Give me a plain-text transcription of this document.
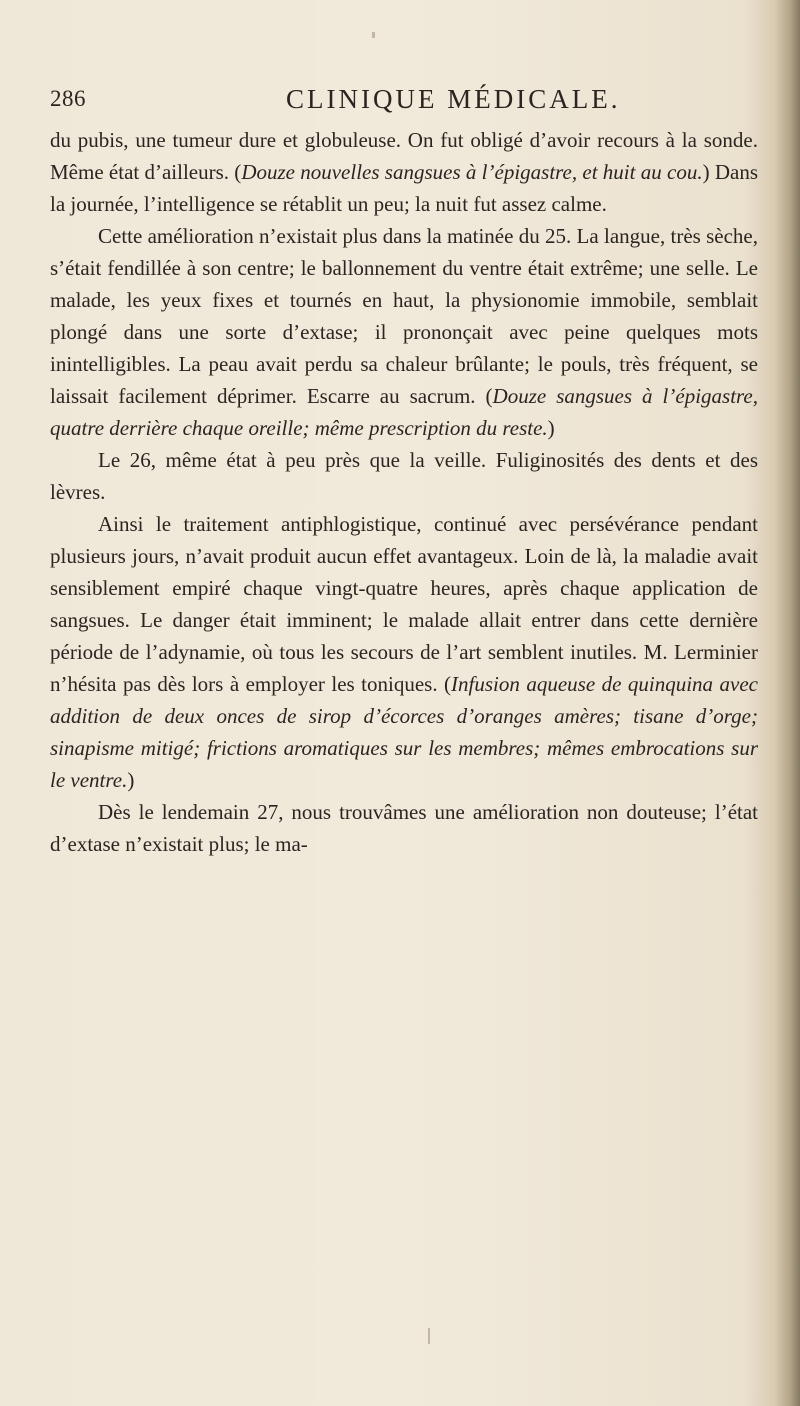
286	CLINIQUE MÉDICALE.

du pubis, une tumeur dure et globuleuse. On fut obligé d’avoir recours à la sonde. Même état d’ailleurs. (Douze nouvelles sangsues à l’épigastre, et huit au cou.) Dans la journée, l’intelligence se rétablit un peu; la nuit fut assez calme.

Cette amélioration n’existait plus dans la matinée du 25. La langue, très sèche, s’était fendillée à son centre; le ballonnement du ventre était extrême; une selle. Le malade, les yeux fixes et tournés en haut, la physionomie immobile, semblait plongé dans une sorte d’extase; il prononçait avec peine quelques mots inintelligibles. La peau avait perdu sa chaleur brûlante; le pouls, très fréquent, se laissait facilement déprimer. Escarre au sacrum. (Douze sangsues à l’épigastre, quatre derrière chaque oreille; même prescription du reste.)

Le 26, même état à peu près que la veille. Fuliginosités des dents et des lèvres.

Ainsi le traitement antiphlogistique, continué avec persévérance pendant plusieurs jours, n’avait produit aucun effet avantageux. Loin de là, la maladie avait sensiblement empiré chaque vingt-quatre heures, après chaque application de sangsues. Le danger était imminent; le malade allait entrer dans cette dernière période de l’adynamie, où tous les secours de l’art semblent inutiles. M. Lerminier n’hésita pas dès lors à employer les toniques. (Infusion aqueuse de quinquina avec addition de deux onces de sirop d’écorces d’oranges amères; tisane d’orge; sinapisme mitigé; frictions aromatiques sur les membres; mêmes embrocations sur le ventre.)

Dès le lendemain 27, nous trouvâmes une amélioration non douteuse; l’état d’extase n’existait plus; le ma-
